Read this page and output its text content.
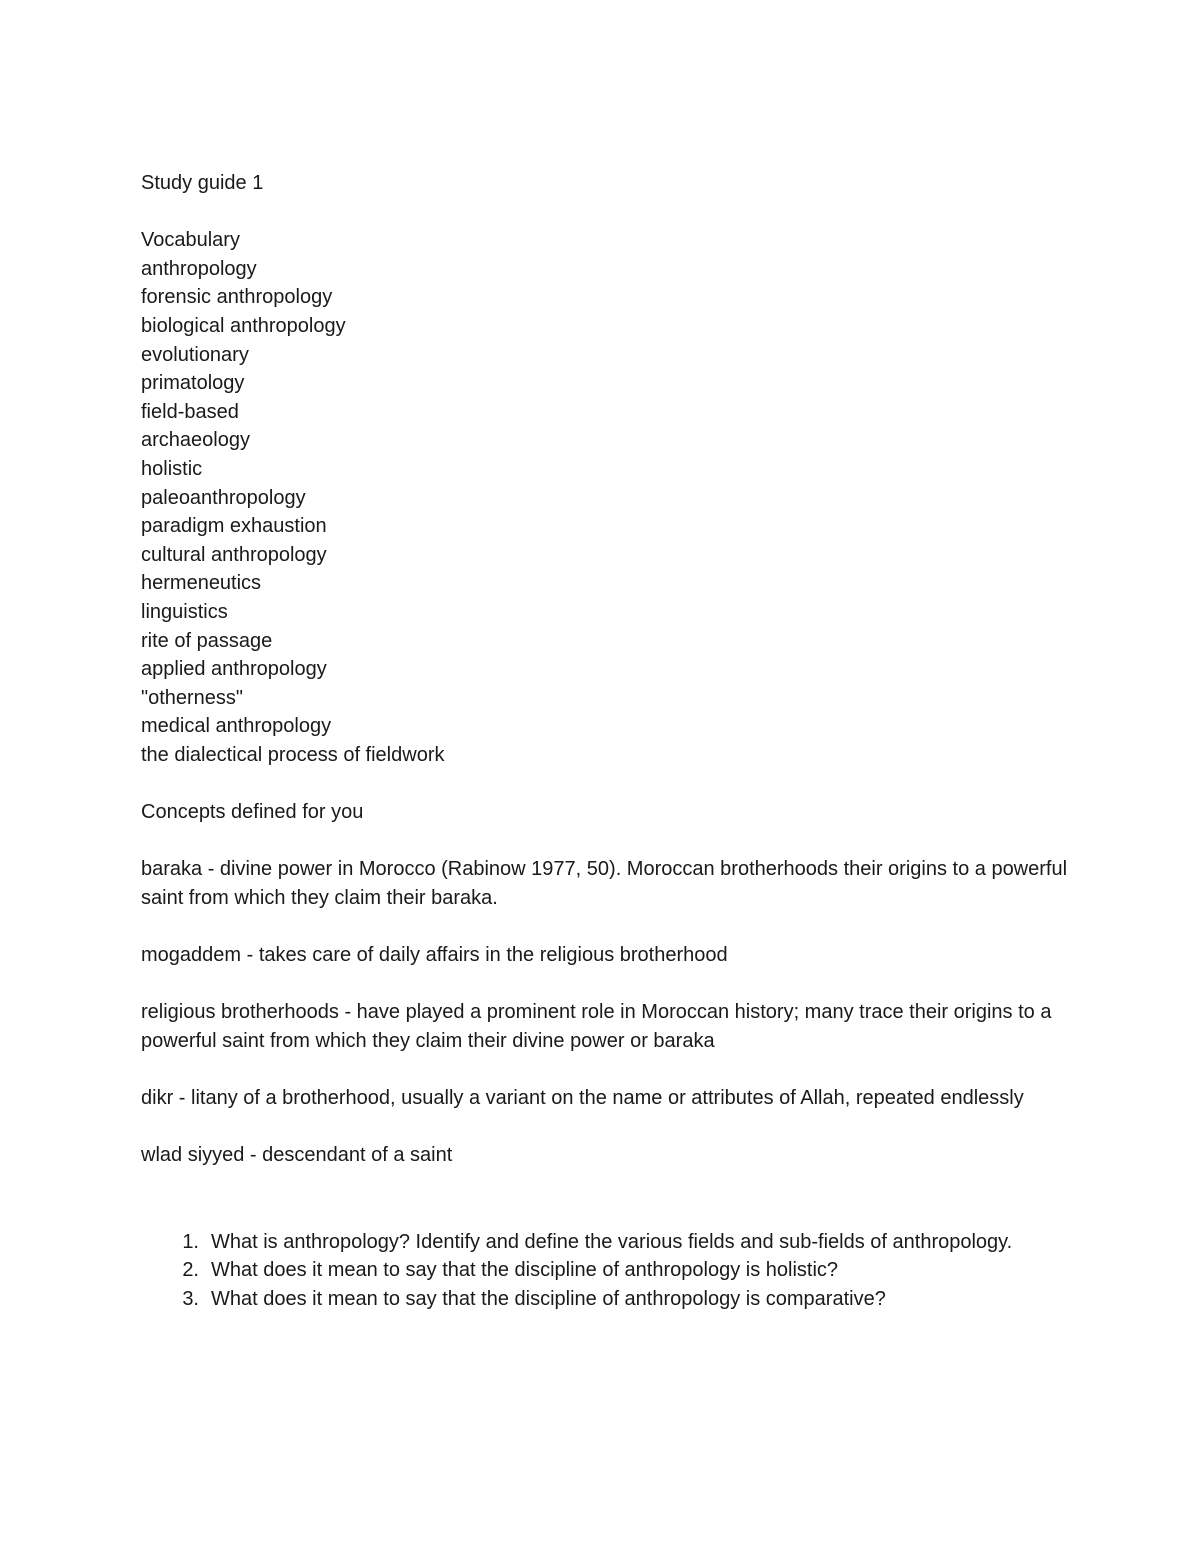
Study guide 1
Vocabulary
anthropology
forensic anthropology
biological anthropology
evolutionary
primatology
field-based
archaeology
holistic
paleoanthropology
paradigm exhaustion
cultural anthropology
hermeneutics
linguistics
rite of passage
applied anthropology
"otherness"
medical anthropology
the dialectical process of fieldwork
Concepts defined for you

baraka - divine power in Morocco (Rabinow 1977, 50). Moroccan brotherhoods their origins to a powerful saint from which they claim their baraka.

mogaddem - takes care of daily affairs in the religious brotherhood

religious brotherhoods - have played a prominent role in Moroccan history; many trace their origins to a powerful saint from which they claim their divine power or baraka

dikr - litany of a brotherhood, usually a variant on the name or attributes of Allah, repeated endlessly

wlad siyyed - descendant of a saint

1. What is anthropology? Identify and define the various fields and sub-fields of anthropology.
2. What does it mean to say that the discipline of anthropology is holistic?
3. What does it mean to say that the discipline of anthropology is comparative?
